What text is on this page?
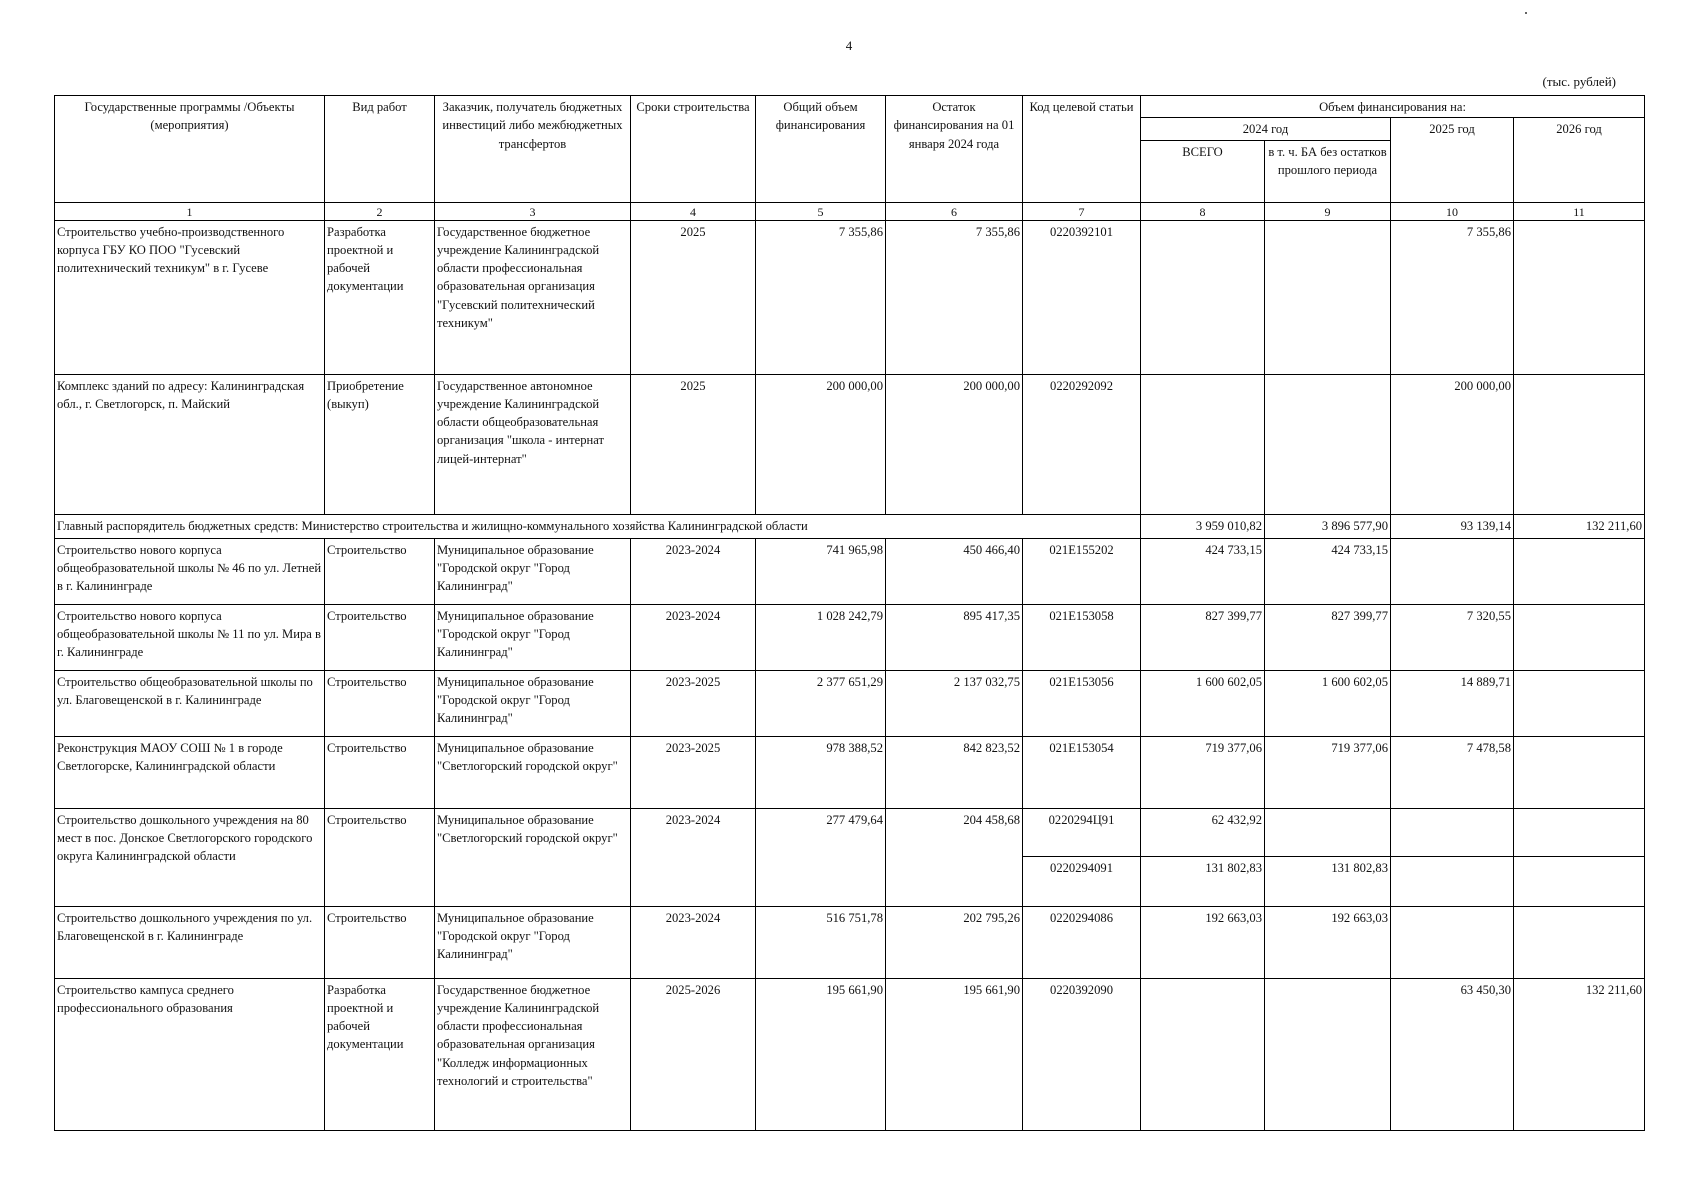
4
(тыс. рублей)
Государственные программы /Объекты (мероприятия)	Вид работ	Заказчик, получатель бюджетных инвестиций либо межбюджетных трансфертов	Сроки строительства	Общий объем финансирования	Остаток финансирования на 01 января 2024 года	Код целевой статьи	Объем финансирования на:			
							2024 год		2025 год	2026 год
							ВСЕГО	в т. ч. БА без остатков прошлого периода		
1	2	3	4	5	6	7	8	9	10	11
Строительство учебно-производственного корпуса ГБУ КО ПОО "Гусевский политехнический техникум" в г. Гусеве	Разработка проектной и рабочей документации	Государственное бюджетное учреждение Калининградской области профессиональная образовательная организация "Гусевский политехнический техникум"	2025	7 355,86	7 355,86	0220392101			7 355,86	
Комплекс зданий по адресу: Калининградская обл., г. Светлогорск, п. Майский	Приобретение (выкуп)	Государственное автономное учреждение Калининградской области общеобразовательная организация "школа - интернат лицей-интернат"	2025	200 000,00	200 000,00	0220292092			200 000,00	
Главный распорядитель бюджетных средств: Министерство строительства и жилищно-коммунального хозяйства Калининградской области							3 959 010,82	3 896 577,90	93 139,14	132 211,60
Строительство нового корпуса общеобразовательной школы № 46 по ул. Летней в г. Калининграде	Строительство	Муниципальное образование "Городской округ "Город Калининград"	2023-2024	741 965,98	450 466,40	021E155202	424 733,15	424 733,15		
Строительство нового корпуса общеобразовательной школы № 11 по ул. Мира в г. Калининграде	Строительство	Муниципальное образование "Городской округ "Город Калининград"	2023-2024	1 028 242,79	895 417,35	021E153058	827 399,77	827 399,77	7 320,55	
Строительство общеобразовательной школы по ул. Благовещенской в г. Калининграде	Строительство	Муниципальное образование "Городской округ "Город Калининград"	2023-2025	2 377 651,29	2 137 032,75	021E153056	1 600 602,05	1 600 602,05	14 889,71	
Реконструкция МАОУ СОШ № 1 в городе Светлогорске, Калининградской области	Строительство	Муниципальное образование "Светлогорский городской округ"	2023-2025	978 388,52	842 823,52	021E153054	719 377,06	719 377,06	7 478,58	
Строительство дошкольного учреждения на 80 мест в пос. Донское Светлогорского городского округа Калининградской области	Строительство	Муниципальное образование "Светлогорский городской округ"	2023-2024	277 479,64	204 458,68	0220294Ц91	62 432,92			
						0220294091	131 802,83	131 802,83		
Строительство дошкольного учреждения по ул. Благовещенской в г. Калининграде	Строительство	Муниципальное образование "Городской округ "Город Калининград"	2023-2024	516 751,78	202 795,26	0220294086	192 663,03	192 663,03		
Строительство кампуса среднего профессионального образования	Разработка проектной и рабочей документации	Государственное бюджетное учреждение Калининградской области профессиональная образовательная организация "Колледж информационных технологий и строительства"	2025-2026	195 661,90	195 661,90	0220392090			63 450,30	132 211,60
